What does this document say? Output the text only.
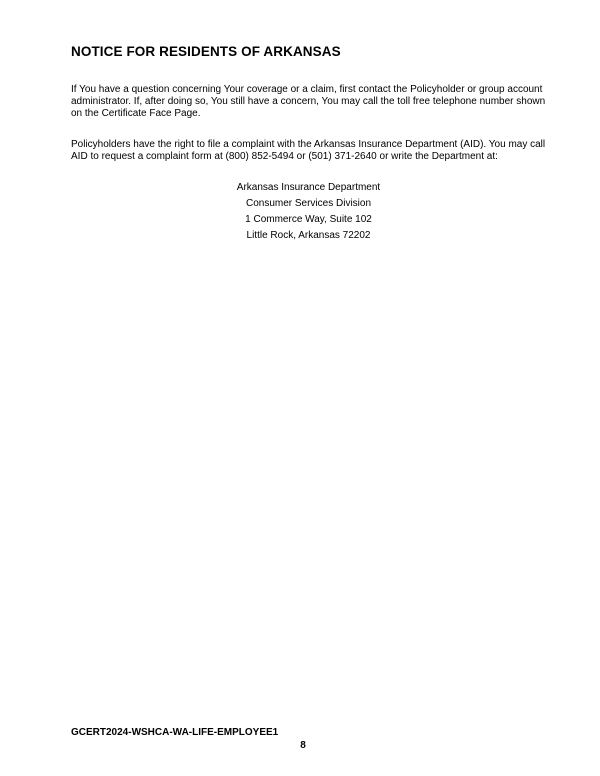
NOTICE FOR RESIDENTS OF ARKANSAS

If You have a question concerning Your coverage or a claim, first contact the Policyholder or group account administrator. If, after doing so, You still have a concern, You may call the toll free telephone number shown on the Certificate Face Page.

Policyholders have the right to file a complaint with the Arkansas Insurance Department (AID). You may call AID to request a complaint form at (800) 852-5494 or (501) 371-2640 or write the Department at:

Arkansas Insurance Department
Consumer Services Division
1 Commerce Way, Suite 102
Little Rock, Arkansas 72202

GCERT2024-WSHCA-WA-LIFE-EMPLOYEE1

8
